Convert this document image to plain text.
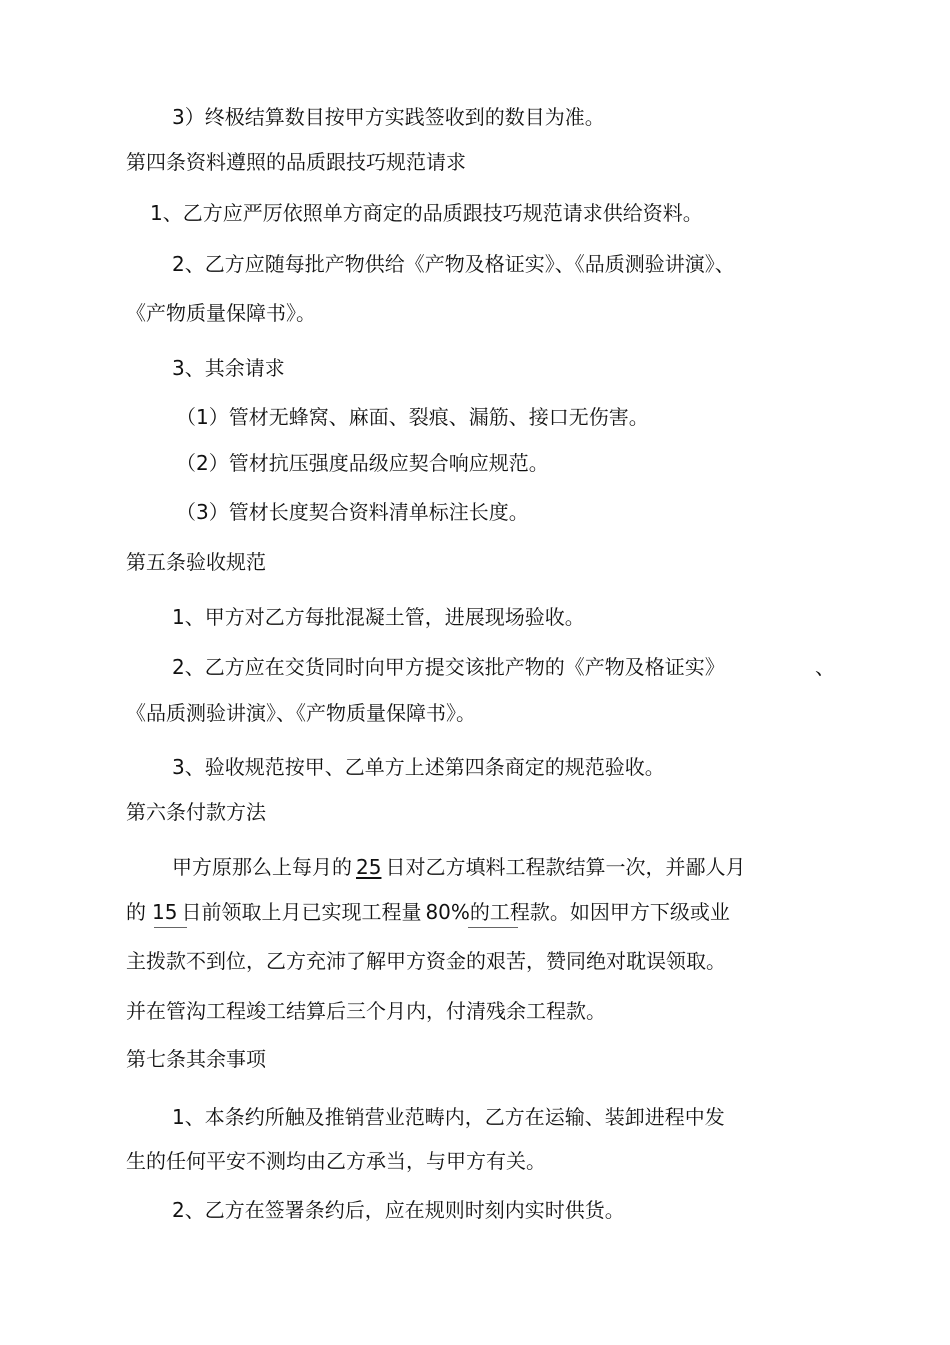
3）终极结算数目按甲方实践签收到的数目为准。
第四条资料遵照的品质跟技巧规范请求
1、乙方应严厉依照单方商定的品质跟技巧规范请求供给资料。
2、乙方应随每批产物供给《产物及格证实》、《品质测验讲演》、
《产物质量保障书》。
3、其余请求
（1）管材无蜂窝、麻面、裂痕、漏筋、接口无伤害。
（2）管材抗压强度品级应契合响应规范。
（3）管材长度契合资料清单标注长度。
第五条验收规范
1、甲方对乙方每批混凝土管，进展现场验收。
2、乙方应在交货同时向甲方提交该批产物的《产物及格证实》	、
《品质测验讲演》、《产物质量保障书》。
3、验收规范按甲、乙单方上述第四条商定的规范验收。
第六条付款方法
甲方原那么上每月的 25 日对乙方填料工程款结算一次，并鄙人月
的 15 日前领取上月已实现工程量 80%的工程款。如因甲方下级或业
主拨款不到位，乙方充沛了解甲方资金的艰苦，赞同绝对耽误领取。
并在管沟工程竣工结算后三个月内，付清残余工程款。
第七条其余事项
1、本条约所触及推销营业范畴内，乙方在运输、装卸进程中发
生的任何平安不测均由乙方承当，与甲方有关。
2、乙方在签署条约后，应在规则时刻内实时供货。
